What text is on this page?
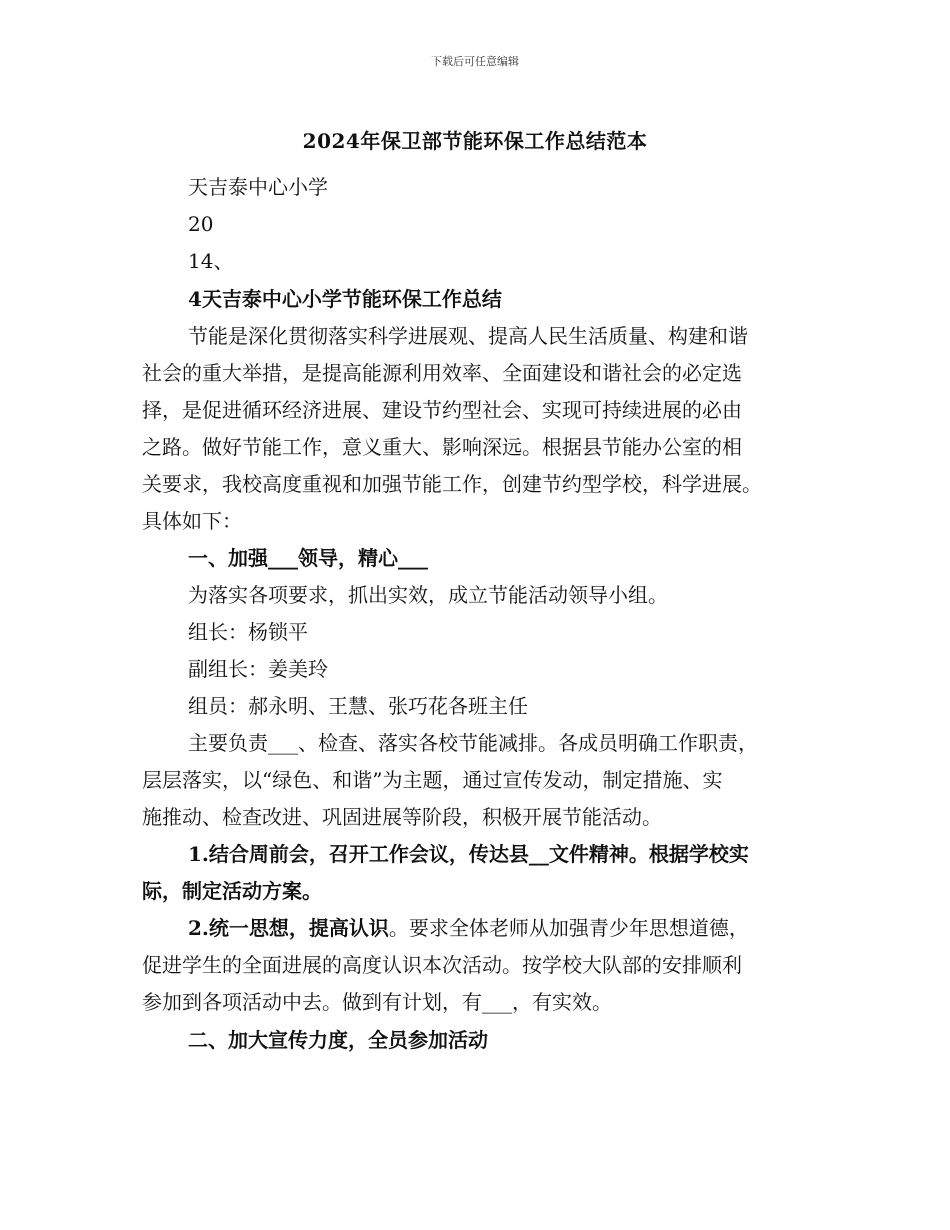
下载后可任意编辑
2024年保卫部节能环保工作总结范本
天吉泰中心小学
20
14、
4天吉泰中心小学节能环保工作总结
节能是深化贯彻落实科学进展观、提高人民生活质量、构建和谐
社会的重大举措，是提高能源利用效率、全面建设和谐社会的必定选
择，是促进循环经济进展、建设节约型社会、实现可持续进展的必由
之路。做好节能工作，意义重大、影响深远。根据县节能办公室的相
关要求，我校高度重视和加强节能工作，创建节约型学校，科学进展。
具体如下：
一、加强___领导，精心___
为落实各项要求，抓出实效，成立节能活动领导小组。
组长：杨锁平
副组长：姜美玲
组员：郝永明、王慧、张巧花各班主任
主要负责___、检查、落实各校节能减排。各成员明确工作职责，
层层落实，以“绿色、和谐”为主题，通过宣传发动，制定措施、实
施推动、检查改进、巩固进展等阶段，积极开展节能活动。
1.结合周前会，召开工作会议，传达县__文件精神。根据学校实
际，制定活动方案。
2.统一思想，提高认识。要求全体老师从加强青少年思想道德，
促进学生的全面进展的高度认识本次活动。按学校大队部的安排顺利
参加到各项活动中去。做到有计划，有___，有实效。
二、加大宣传力度，全员参加活动
